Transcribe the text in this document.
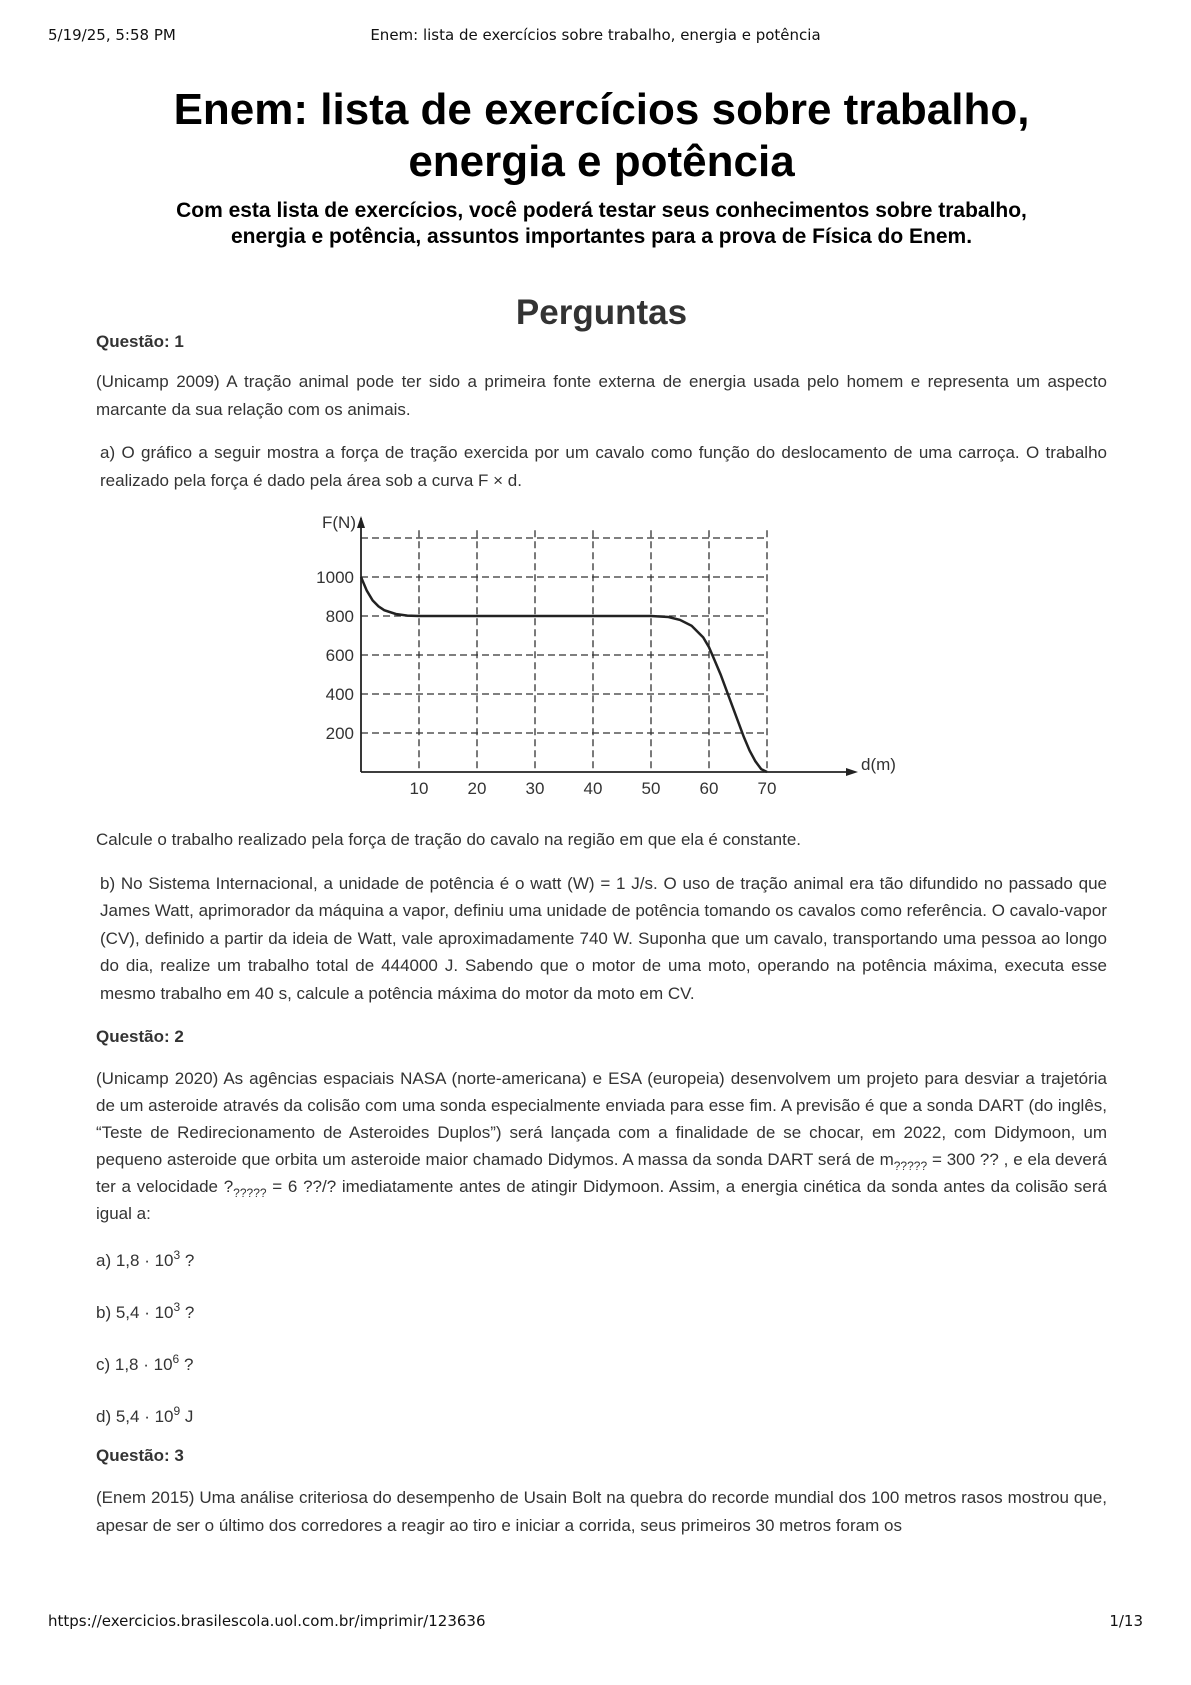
5/19/25, 5:58 PM	Enem: lista de exercícios sobre trabalho, energia e potência
Enem: lista de exercícios sobre trabalho,
energia e potência
Com esta lista de exercícios, você poderá testar seus conhecimentos sobre trabalho, energia e potência, assuntos importantes para a prova de Física do Enem.
Perguntas
Questão: 1

(Unicamp 2009) A tração animal pode ter sido a primeira fonte externa de energia usada pelo homem e representa um aspecto marcante da sua relação com os animais.

a) O gráfico a seguir mostra a força de tração exercida por um cavalo como função do deslocamento de uma carroça. O trabalho realizado pela força é dado pela área sob a curva F × d.

10 20 30 40 50 60 70
200
400
600
800
1000
F(N)
d(m)

Calcule o trabalho realizado pela força de tração do cavalo na região em que ela é constante.

b) No Sistema Internacional, a unidade de potência é o watt (W) = 1 J/s. O uso de tração animal era tão difundido no passado que James Watt, aprimorador da máquina a vapor, definiu uma unidade de potência tomando os cavalos como referência. O cavalo-vapor (CV), definido a partir da ideia de Watt, vale aproximadamente 740 W. Suponha que um cavalo, transportando uma pessoa ao longo do dia, realize um trabalho total de 444000 J. Sabendo que o motor de uma moto, operando na potência máxima, executa esse mesmo trabalho em 40 s, calcule a potência máxima do motor da moto em CV.

Questão: 2

(Unicamp 2020) As agências espaciais NASA (norte-americana) e ESA (europeia) desenvolvem um projeto para desviar a trajetória de um asteroide através da colisão com uma sonda especialmente enviada para esse fim. A previsão é que a sonda DART (do inglês, “Teste de Redirecionamento de Asteroides Duplos”) será lançada com a finalidade de se chocar, em 2022, com Didymoon, um pequeno asteroide que orbita um asteroide maior chamado Didymos. A massa da sonda DART será de $m_{?????} = 300$ ?? , e ela deverá ter a velocidade $?_{?????} = 6$ ??/? imediatamente antes de atingir Didymoon. Assim, a energia cinética da sonda antes da colisão será igual a:

a) $1,8 \cdot 10^3$ ?

b) $5,4 \cdot 10^3$ ?

c) $1,8 \cdot 10^6$ ?

d) $5,4 \cdot 10^9$ J

Questão: 3

(Enem 2015) Uma análise criteriosa do desempenho de Usain Bolt na quebra do recorde mundial dos 100 metros rasos mostrou que, apesar de ser o último dos corredores a reagir ao tiro e iniciar a corrida, seus primeiros 30 metros foram os

https://exercicios.brasilescola.uol.com.br/imprimir/123636	1/13
